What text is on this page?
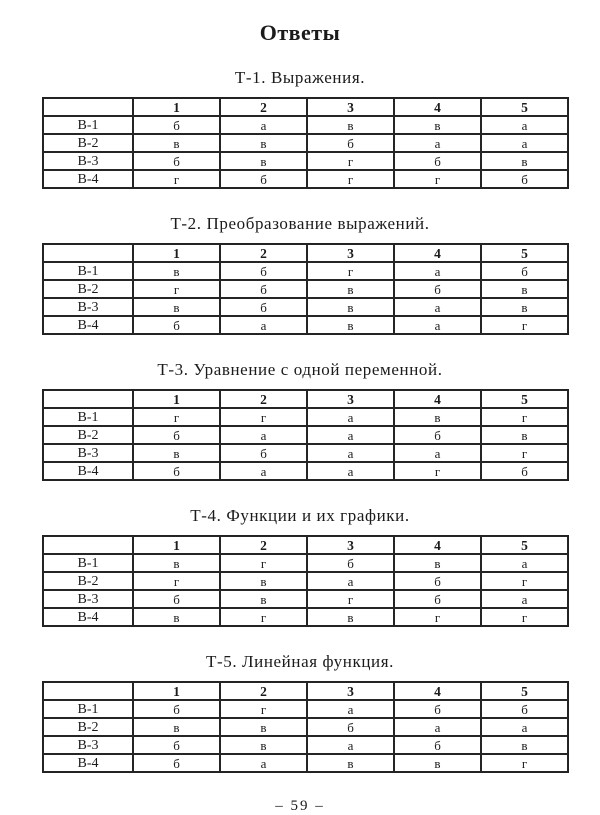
Ответы
Т-1. Выражения.
	1	2	3	4	5
В-1	б	а	в	в	а
В-2	в	в	б	а	а
В-3	б	в	г	б	в
В-4	г	б	г	г	б
Т-2. Преобразование выражений.
	1	2	3	4	5
В-1	в	б	г	а	б
В-2	г	б	в	б	в
В-3	в	б	в	а	в
В-4	б	а	в	а	г
Т-3. Уравнение с одной переменной.
	1	2	3	4	5
В-1	г	г	а	в	г
В-2	б	а	а	б	в
В-3	в	б	а	а	г
В-4	б	а	а	г	б
Т-4. Функции и их графики.
	1	2	3	4	5
В-1	в	г	б	в	а
В-2	г	в	а	б	г
В-3	б	в	г	б	а
В-4	в	г	в	г	г
Т-5. Линейная функция.
	1	2	3	4	5
В-1	б	г	а	б	б
В-2	в	в	б	а	а
В-3	б	в	а	б	в
В-4	б	а	в	в	г
– 59 –
